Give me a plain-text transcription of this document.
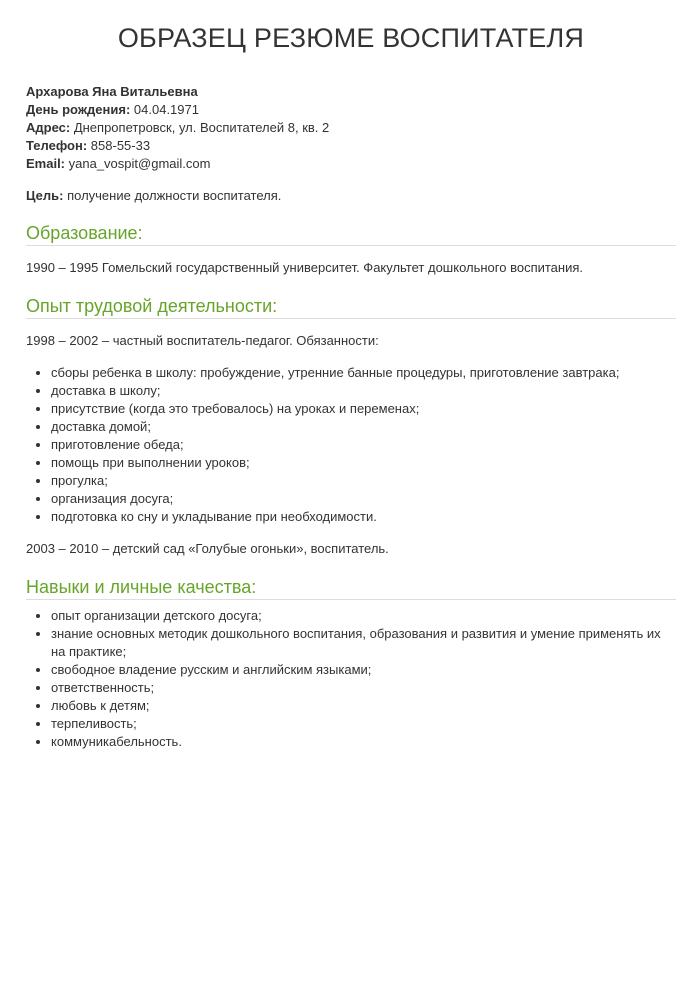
ОБРАЗЕЦ РЕЗЮМЕ ВОСПИТАТЕЛЯ
Архарова Яна Витальевна
День рождения: 04.04.1971
Адрес: Днепропетровск, ул. Воспитателей 8, кв. 2
Телефон: 858-55-33
Email: yana_vospit@gmail.com
Цель: получение должности воспитателя.
Образование:

1990 – 1995 Гомельский государственный университет. Факультет дошкольного воспитания.

Опыт трудовой деятельности:

1998 – 2002 – частный воспитатель-педагог. Обязанности:

• сборы ребенка в школу: пробуждение, утренние банные процедуры, приготовление завтрака;
• доставка в школу;
• присутствие (когда это требовалось) на уроках и переменах;
• доставка домой;
• приготовление обеда;
• помощь при выполнении уроков;
• прогулка;
• организация досуга;
• подготовка ко сну и укладывание при необходимости.

2003 – 2010 – детский сад «Голубые огоньки», воспитатель.

Навыки и личные качества:
• опыт организации детского досуга;
• знание основных методик дошкольного воспитания, образования и развития и умение применять их на практике;
• свободное владение русским и английским языками;
• ответственность;
• любовь к детям;
• терпеливость;
• коммуникабельность.
